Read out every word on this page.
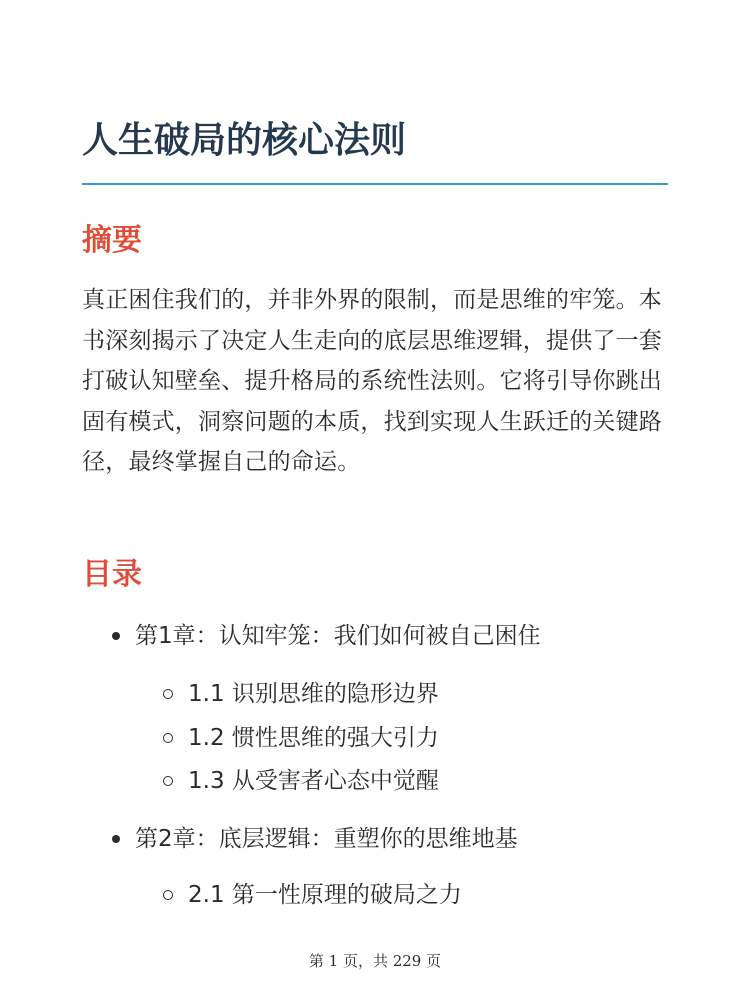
人生破局的核心法则
摘要

真正困住我们的，并非外界的限制，而是思维的牢笼。本书深刻揭示了决定人生走向的底层思维逻辑，提供了一套打破认知壁垒、提升格局的系统性法则。它将引导你跳出固有模式，洞察问题的本质，找到实现人生跃迁的关键路径，最终掌握自己的命运。

目录
第1章：认知牢笼：我们如何被自己困住
1.1 识别思维的隐形边界
1.2 惯性思维的强大引力
1.3 从受害者心态中觉醒
第2章：底层逻辑：重塑你的思维地基
2.1 第一性原理的破局之力
第 1 页，共 229 页
